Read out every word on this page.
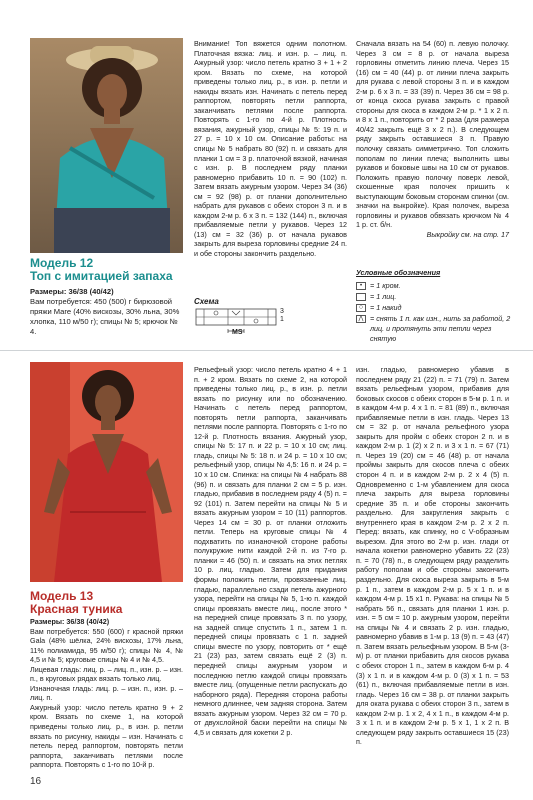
Модель 12
Топ с имитацией запаха
Размеры: 36/38 (40/42)
Вам потребуется: 450 (500) г бирюзовой пряжи Mare (40% вискозы, 30% льна, 30% хлопка, 110 м/50 г); спицы № 5; крючок № 4.
Внимание! Топ вяжется одним полотном. Платочная вязка: лиц. и изн. р. – лиц. п. Ажурный узор: число петель кратно 3 + 1 + 2 кром. Вязать по схеме, на которой приведены только лиц. р., в изн. р. петли и накиды вязать изн. Начинать с петель перед раппортом, повторять петли раппорта, заканчивать петлями после раппорта. Повторять с 1-го по 4-й р. Плотность вязания, ажурный узор, спицы № 5: 19 п. и 27 р. = 10 х 10 см. Описание работы: на спицы № 5 набрать 80 (92) п. и связать для планки 1 см = 3 р. платочной вязкой, начиная с изн. р. В последнем ряду планки равномерно прибавить 10 п. = 90 (102) п. Затем вязать ажурным узором. Через 34 (36) см = 92 (98) р. от планки дополнительно набрать для рукавов с обеих сторон 3 п. и в каждом 2-м р. 6 x 3 п. = 132 (144) п., включая прибавляемые петли у рукавов. Через 12 (13) см = 32 (36) р. от начала рукавов закрыть для выреза горловины средние 24 п. и обе стороны закончить раздельно.
Схема
3
1
MS

Сначала вязать на 54 (60) п. левую полочку. Через 3 см = 8 р. от начала выреза горловины отметить линию плеча. Через 15 (16) см = 40 (44) р. от линии плеча закрыть для рукава с левой стороны 3 п. и в каждом 2-м р. 6 x 3 п. = 33 (39) п. Через 36 см = 98 р. от конца скоса рукава закрыть с правой стороны для скоса в каждом 2-м р. * 1 х 2 п. и 8 х 1 п., повторить от * 2 раза (для размера 40/42 закрыть ещё 3 х 2 п.). В следующем ряду закрыть оставшиеся 3 п. Правую полочку связать симметрично. Топ сложить пополам по линии плеча; выполнить швы рукавов и боковые швы на 10 см от рукавов. Положить правую полочку поверх левой, скошенные края полочек пришить к выступающим боковым сторонам спинки (см. значки на выкройке). Края полочек, выреза горловины и рукавов обвязать крючком № 4 1 р. ст. б/н.

Выкройку см. на стр. 17

Условные обозначения
•	= 1 кром.
= 1 лиц.
○ = 1 накид
⋀ = снять 1 п. как изн., нить за работой, 2 лиц. и протянуть эти петли через снятую
Модель 13
Красная туника

Размеры: 36/38 (40/42)

Вам потребуется: 550 (600) г красной пряжи Gala (48% шёлка, 24% вискозы, 17% льна, 11% полиамида, 95 м/50 г); спицы № 4, № 4,5 и № 5; круговые спицы № 4 и № 4,5.

Лицевая гладь: лиц. р. – лиц. п., изн. р. – изн. п., в круговых рядах вязать только лиц.

Изнаночная гладь: лиц. р. – изн. п., изн. р. – лиц. п.

Ажурный узор: число петель кратно 9 + 2 кром. Вязать по схеме 1, на которой приведены только лиц. р., в изн. р. петли вязать по рисунку, накиды – изн. Начинать с петель перед раппортом, повторять петли раппорта, заканчивать петлями после раппорта. Повторять с 1-го по 10-й р.

Рельефный узор: число петель кратно 4 + 1 п. + 2 кром. Вязать по схеме 2, на которой приведены только лиц. р., в изн. р. петли вязать по рисунку или по обозначению. Начинать с петель перед раппортом, повторять петли раппорта, заканчивать петлями после раппорта. Повторять с 1-го по 12-й р. Плотность вязания. Ажурный узор, спицы № 5: 17 п. и 22 р. = 10 х 10 см; лиц. гладь, спицы № 5: 18 п. и 24 р. = 10 х 10 см; рельефный узор, спицы № 4,5: 16 п. и 24 р. = 10 х 10 см. Спинка: на спицы № 4 набрать 88 (96) п. и связать для планки 2 см = 5 р. изн. гладью, прибавив в последнем ряду 4 (5) п. = 92 (101) п. Затем перейти на спицы № 5 и вязать ажурным узором = 10 (11) раппортов. Через 14 см = 30 р. от планки отложить петли. Теперь на круговые спицы № 4 подхватить по изнаночной стороне работы полукружие нити каждой 2-й п. из 7-го р. планки = 46 (50) п. и связать на этих петлях 10 р. лиц. гладью. Затем для придания формы положить петли, провязанные лиц. гладью, параллельно сзади петель ажурного узора, перейти на спицы № 5, 1-ю п. каждой спицы провязать вместе лиц., после этого * на передней спице провязать 3 п. по узору, на задней спице спустить 1 п., затем 1 п. передней спицы провязать с 1 п. задней спицы вместе по узору, повторить от * ещё 21 (23) раз, затем связать ещё 2 (3) п. передней спицы ажурным узором и последнюю петлю каждой спицы провязать вместе лиц. (опущенные петли распускать до наборного ряда). Передняя сторона работы немного длиннее, чем задняя сторона. Затем вязать ажурным узором. Через 32 см = 70 р. от двухслойной баски перейти на спицы № 4,5 и связать для кокетки 2 р.
изн. гладью, равномерно убавив в последнем ряду 21 (22) п. = 71 (79) п. Затем вязать рельефным узором, прибавив для боковых скосов с обеих сторон в 5-м р. 1 п. и в каждом 4-м р. 4 x 1 п. = 81 (89) п., включая прибавляемые петли в изн. гладь. Через 13 см = 32 р. от начала рельефного узора закрыть для пройм с обеих сторон 2 п. и в каждом 2-м р. 1 (2) х 2 п. и 3 х 1 п. = 67 (71) п. Через 19 (20) см = 46 (48) р. от начала проймы закрыть для скосов плеча с обеих сторон 4 п. и в каждом 2-м р. 2 x 4 (5) п. Одновременно с 1-м убавлением для скоса плеча закрыть для выреза горловины средние 35 п. и обе стороны закончить раздельно. Для закругления закрыть с внутреннего края в каждом 2-м р. 2 x 2 п. Перед: вязать, как спинку, но с V-образным вырезом. Для этого во 2-м р. изн. глади от начала кокетки равномерно убавить 22 (23) п. = 70 (78) п., в следующем ряду разделить работу пополам и обе стороны закончить раздельно. Для скоса выреза закрыть в 5-м р. 1 п., затем в каждом 2-м р. 5 x 1 п. и в каждом 4-м р. 15 x1 п. Рукава: на спицы № 5 набрать 56 п., связать для планки 1 изн. р. изн. = 5 см = 10 р. ажурным узором, перейти на спицы № 4 и связать 2 р. изн. гладью, равномерно убавив в 1-м р. 13 (9) п. = 43 (47) п. Затем вязать рельефным узором. В 5-м (3-м) р. от планки прибавить для скосов рукава с обеих сторон 1 п., затем в каждом 6-м р. 4 (3) x 1 п. и в каждом 4-м р. 0 (3) х 1 п. = 53 (61) п., включая прибавляемые петли в изн. гладь. Через 16 см = 38 р. от планки закрыть для оката рукава с обеих сторон 3 п., затем в каждом 2-м р. 1 х 2, 4 x 1 п., в каждом 4-м р. 3 x 1 п. и в каждом 2-м р. 5 x 1, 1 х 2 п. В следующем ряду закрыть оставшиеся 15 (23) п.
16
